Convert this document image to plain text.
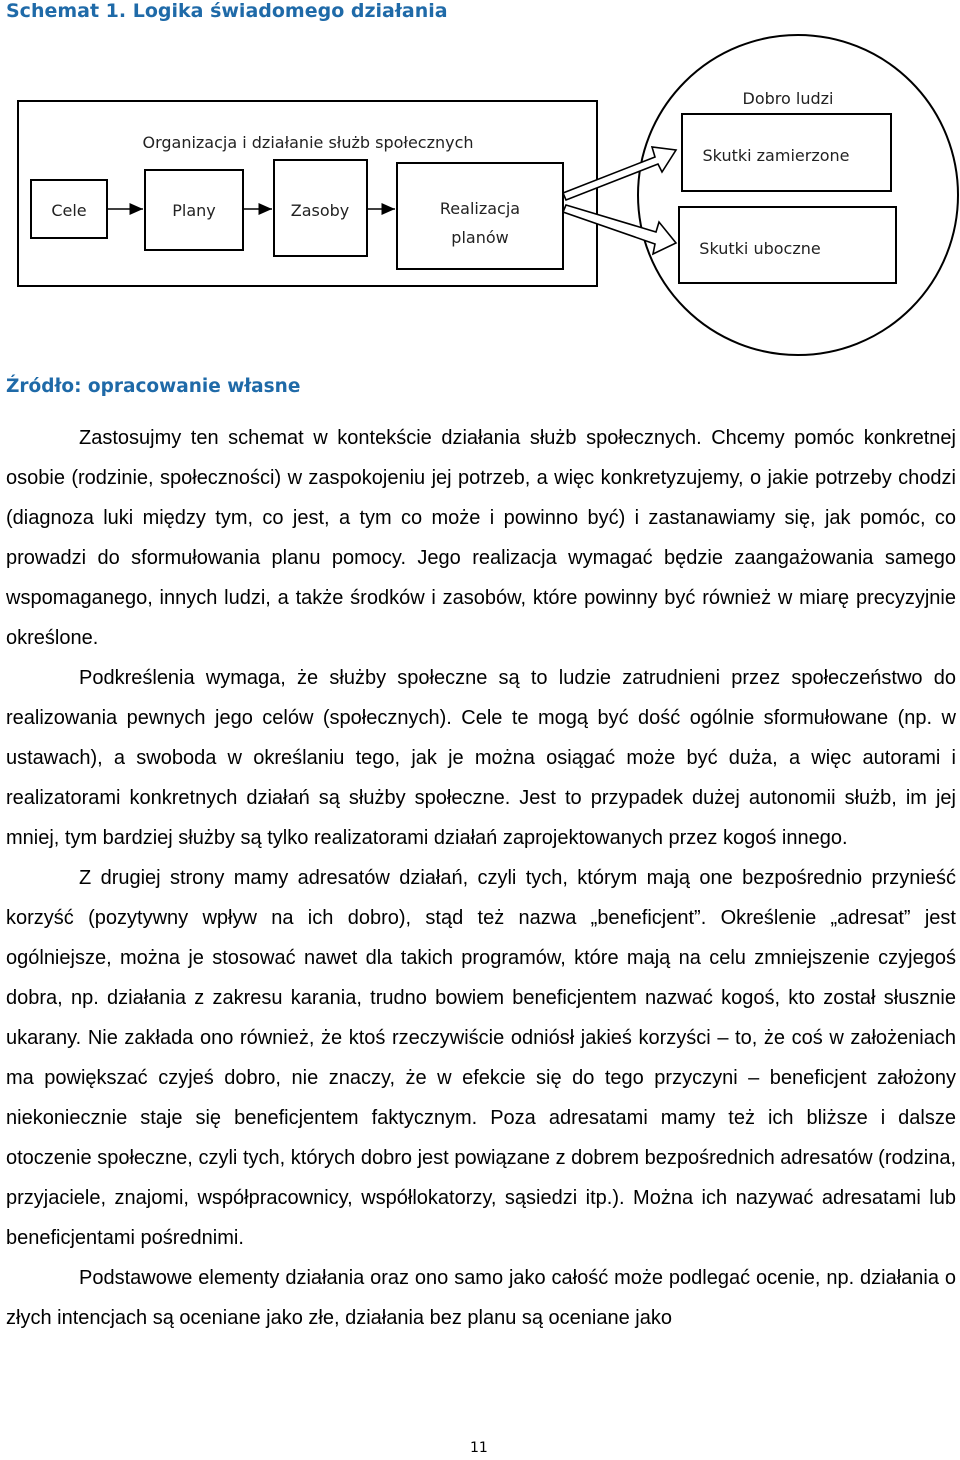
Schemat 1. Logika świadomego działania
Organizacja i działanie służb społecznych
Cele	Plany	Zasoby	Realizacja
planów
Dobro ludzi
Skutki zamierzone
Skutki uboczne
Źródło: opracowanie własne

Zastosujmy ten schemat w kontekście działania służb społecznych. Chcemy pomóc konkretnej osobie (rodzinie, społeczności) w zaspokojeniu jej potrzeb, a więc konkretyzujemy, o jakie potrzeby chodzi (diagnoza luki między tym, co jest, a tym co może i powinno być) i zastanawiamy się, jak pomóc, co prowadzi do sformułowania planu pomocy. Jego realizacja wymagać będzie zaangażowania samego wspomaganego, innych ludzi, a także środków i zasobów, które powinny być również w miarę precyzyjnie określone.

Podkreślenia wymaga, że służby społeczne są to ludzie zatrudnieni przez społeczeństwo do realizowania pewnych jego celów (społecznych). Cele te mogą być dość ogólnie sformułowane (np. w ustawach), a swoboda w określaniu tego, jak je można osiągać może być duża, a więc autorami i realizatorami konkretnych działań są służby społeczne. Jest to przypadek dużej autonomii służb, im jej mniej, tym bardziej służby są tylko realizatorami działań zaprojektowanych przez kogoś innego.

Z drugiej strony mamy adresatów działań, czyli tych, którym mają one bezpośrednio przynieść korzyść (pozytywny wpływ na ich dobro), stąd też nazwa „beneficjent”. Określenie „adresat” jest ogólniejsze, można je stosować nawet dla takich programów, które mają na celu zmniejszenie czyjegoś dobra, np. działania z zakresu karania, trudno bowiem beneficjentem nazwać kogoś, kto został słusznie ukarany. Nie zakłada ono również, że ktoś rzeczywiście odniósł jakieś korzyści – to, że coś w założeniach ma powiększać czyjeś dobro, nie znaczy, że w efekcie się do tego przyczyni – beneficjent założony niekoniecznie staje się beneficjentem faktycznym. Poza adresatami mamy też ich bliższe i dalsze otoczenie społeczne, czyli tych, których dobro jest powiązane z dobrem bezpośrednich adresatów (rodzina, przyjaciele, znajomi, współpracownicy, współlokatorzy, sąsiedzi itp.). Można ich nazywać adresatami lub beneficjentami pośrednimi.

Podstawowe elementy działania oraz ono samo jako całość może podlegać ocenie, np. działania o złych intencjach są oceniane jako złe, działania bez planu są oceniane jako

11
